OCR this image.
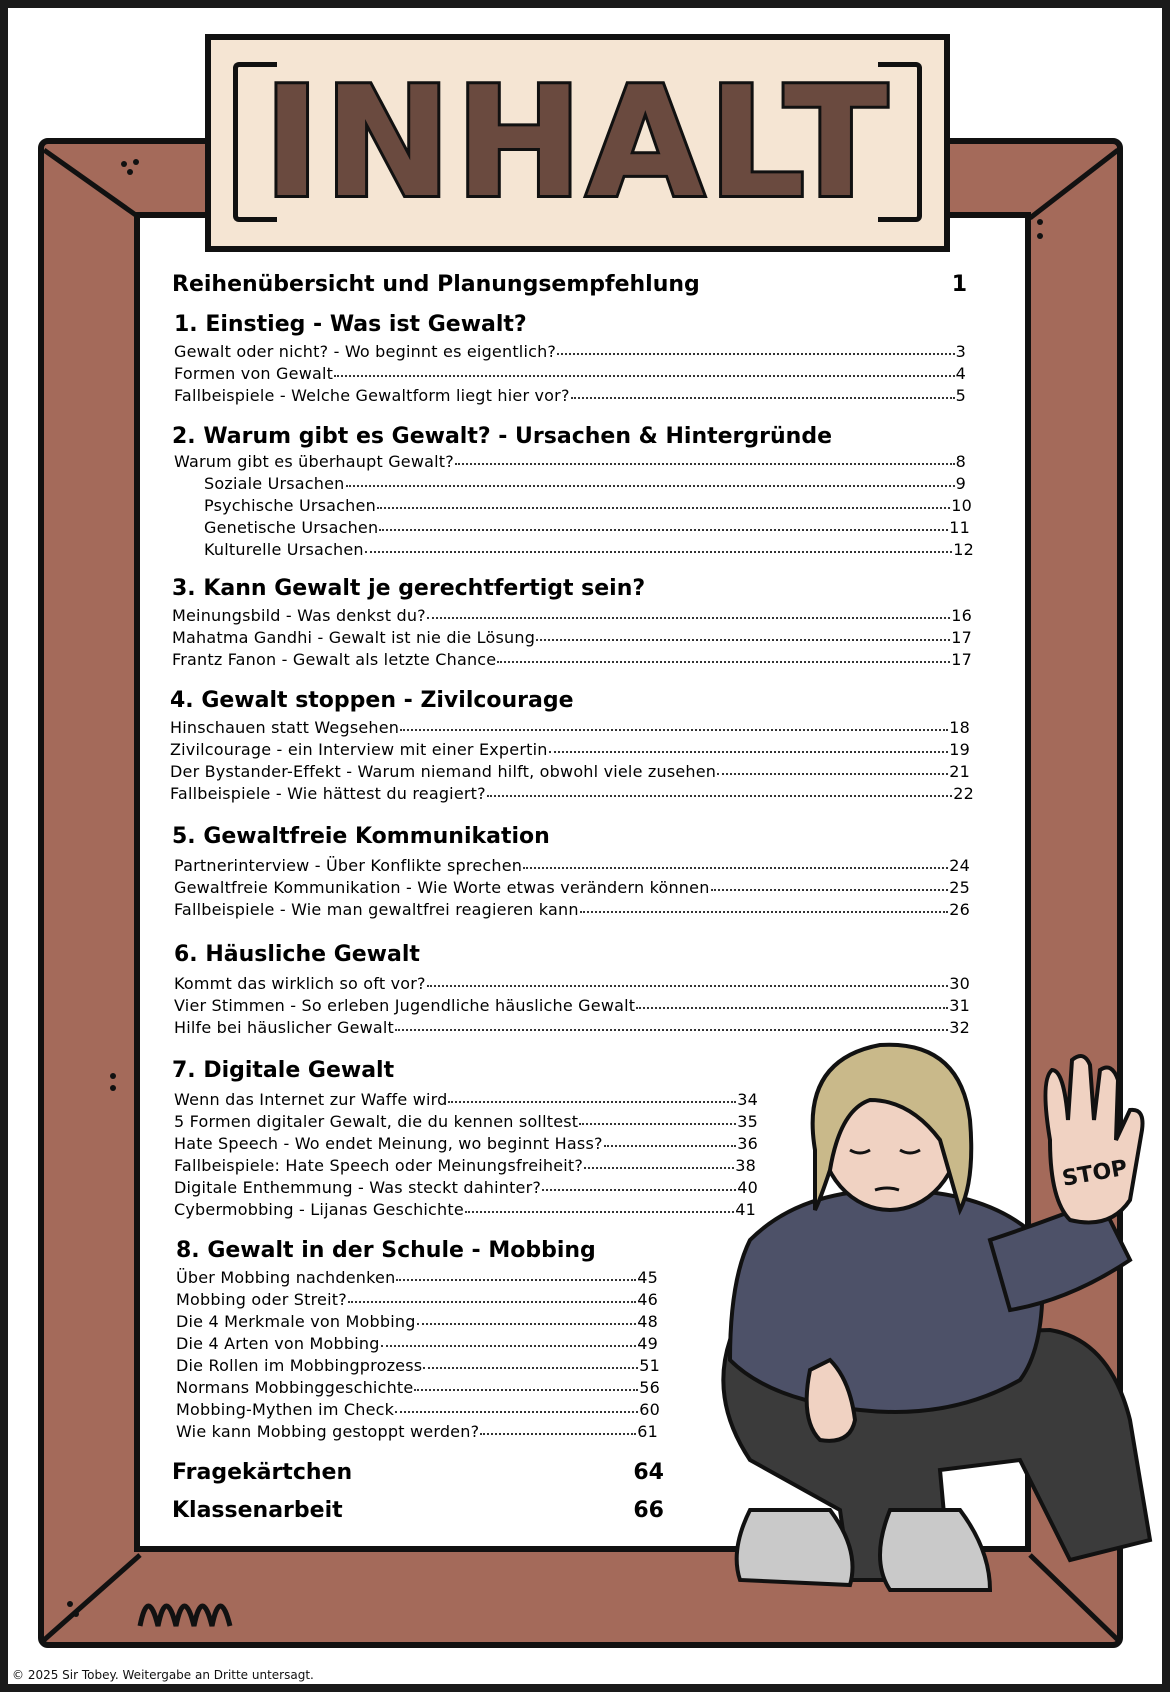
INHALT
Reihenübersicht und Planungsempfehlung	1
1. Einstieg - Was ist Gewalt?
Gewalt oder nicht? - Wo beginnt es eigentlich?	3
Formen von Gewalt	4
Fallbeispiele - Welche Gewaltform liegt hier vor?	5
2. Warum gibt es Gewalt? - Ursachen & Hintergründe
Warum gibt es überhaupt Gewalt?	8
Soziale Ursachen	9
Psychische Ursachen	10
Genetische Ursachen	11
Kulturelle Ursachen	12
3. Kann Gewalt je gerechtfertigt sein?
Meinungsbild - Was denkst du?	16
Mahatma Gandhi - Gewalt ist nie die Lösung	17
Frantz Fanon - Gewalt als letzte Chance	17
4. Gewalt stoppen - Zivilcourage
Hinschauen statt Wegsehen	18
Zivilcourage - ein Interview mit einer Expertin	19
Der Bystander-Effekt - Warum niemand hilft, obwohl viele zusehen	21
Fallbeispiele - Wie hättest du reagiert?	22
5. Gewaltfreie Kommunikation
Partnerinterview - Über Konflikte sprechen	24
Gewaltfreie Kommunikation - Wie Worte etwas verändern können	25
Fallbeispiele - Wie man gewaltfrei reagieren kann	26
6. Häusliche Gewalt
Kommt das wirklich so oft vor?	30
Vier Stimmen - So erleben Jugendliche häusliche Gewalt	31
Hilfe bei häuslicher Gewalt	32
7. Digitale Gewalt
Wenn das Internet zur Waffe wird	34
5 Formen digitaler Gewalt, die du kennen solltest	35
Hate Speech - Wo endet Meinung, wo beginnt Hass?	36
Fallbeispiele: Hate Speech oder Meinungsfreiheit?	38
Digitale Enthemmung - Was steckt dahinter?	40
Cybermobbing - Lijanas Geschichte	41
8. Gewalt in der Schule - Mobbing
Über Mobbing nachdenken	45
Mobbing oder Streit?	46
Die 4 Merkmale von Mobbing	48
Die 4 Arten von Mobbing	49
Die Rollen im Mobbingprozess	51
Normans Mobbinggeschichte	56
Mobbing-Mythen im Check	60
Wie kann Mobbing gestoppt werden?	61
Fragekärtchen	64
Klassenarbeit	66
STOP
© 2025 Sir Tobey. Weitergabe an Dritte untersagt.
